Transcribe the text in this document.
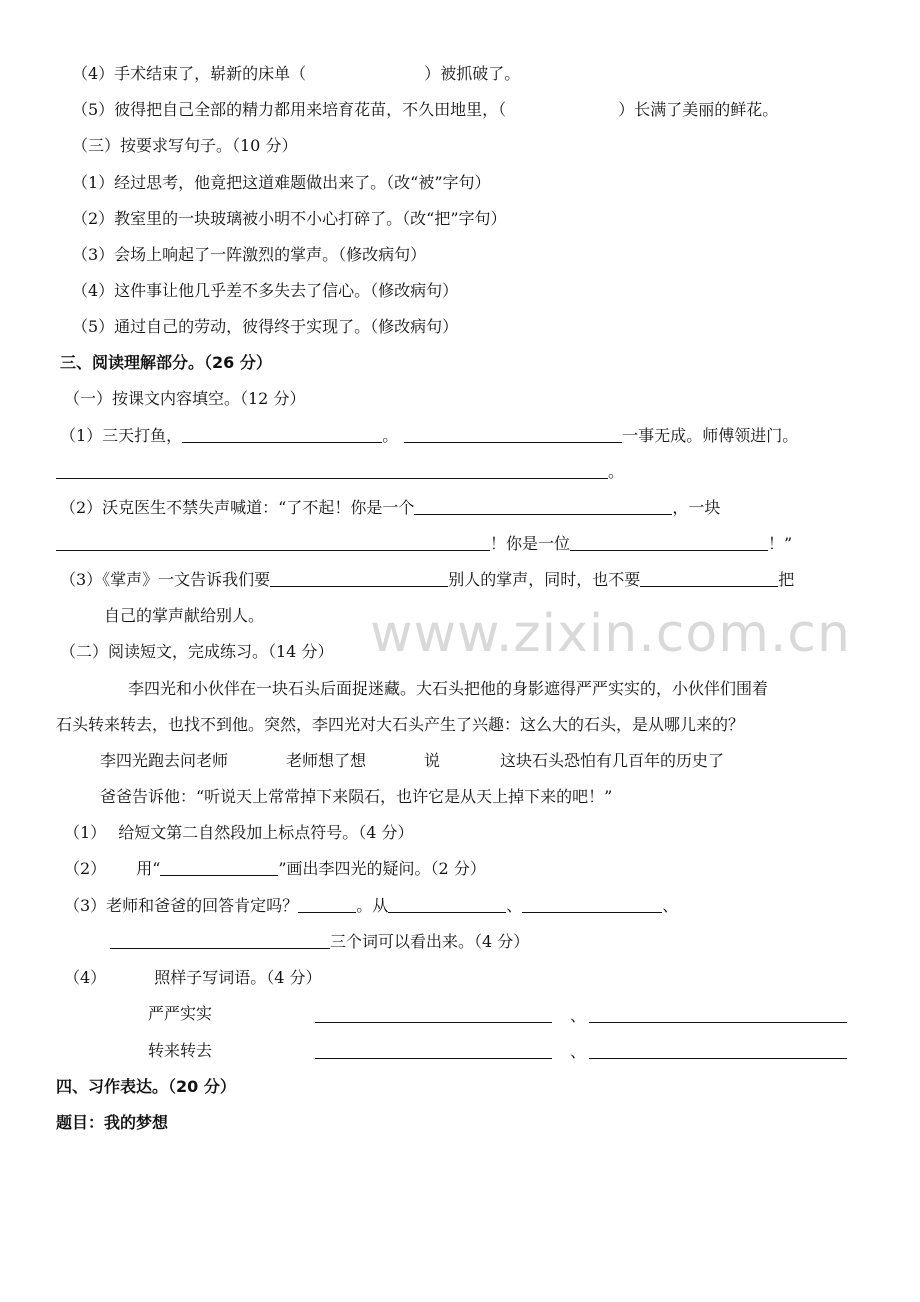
www.zixin.com.cn
（4）手术结束了，崭新的床单（	）被抓破了。
（5）彼得把自己全部的精力都用来培育花苗，不久田地里，（	）长满了美丽的鲜花。
（三）按要求写句子。（10 分）
（1）经过思考，他竟把这道难题做出来了。（改“被”字句）
（2）教室里的一块玻璃被小明不小心打碎了。（改“把”字句）
（3）会场上响起了一阵激烈的掌声。（修改病句）
（4）这件事让他几乎差不多失去了信心。（修改病句）
（5）通过自己的劳动，彼得终于实现了。（修改病句）
三、阅读理解部分。（26 分）
（一）按课文内容填空。（12 分）
（1）三天打鱼，	。	一事无成。师傅领进门。
。
（2）沃克医生不禁失声喊道：“了不起！你是一个	，一块
！你是一位	！”
（3）《掌声》一文告诉我们要	别人的掌声，同时，也不要	把
自己的掌声献给别人。
（二）阅读短文，完成练习。（14 分）
李四光和小伙伴在一块石头后面捉迷藏。大石头把他的身影遮得严严实实的，小伙伴们围着
石头转来转去，也找不到他。突然，李四光对大石头产生了兴趣：这么大的石头，是从哪儿来的？
李四光跑去问老师	老师想了想	说	这块石头恐怕有几百年的历史了
爸爸告诉他：“听说天上常常掉下来陨石，也许它是从天上掉下来的吧！”
（1） 给短文第二自然段加上标点符号。（4 分）
（2） 用“	”画出李四光的疑问。（2 分）
（3）老师和爸爸的回答肯定吗？	。从	、	、
三个词可以看出来。（4 分）
（4）	照样子写词语。（4 分）
严严实实	、
转来转去	、
四、习作表达。（20 分）
题目：我的梦想
